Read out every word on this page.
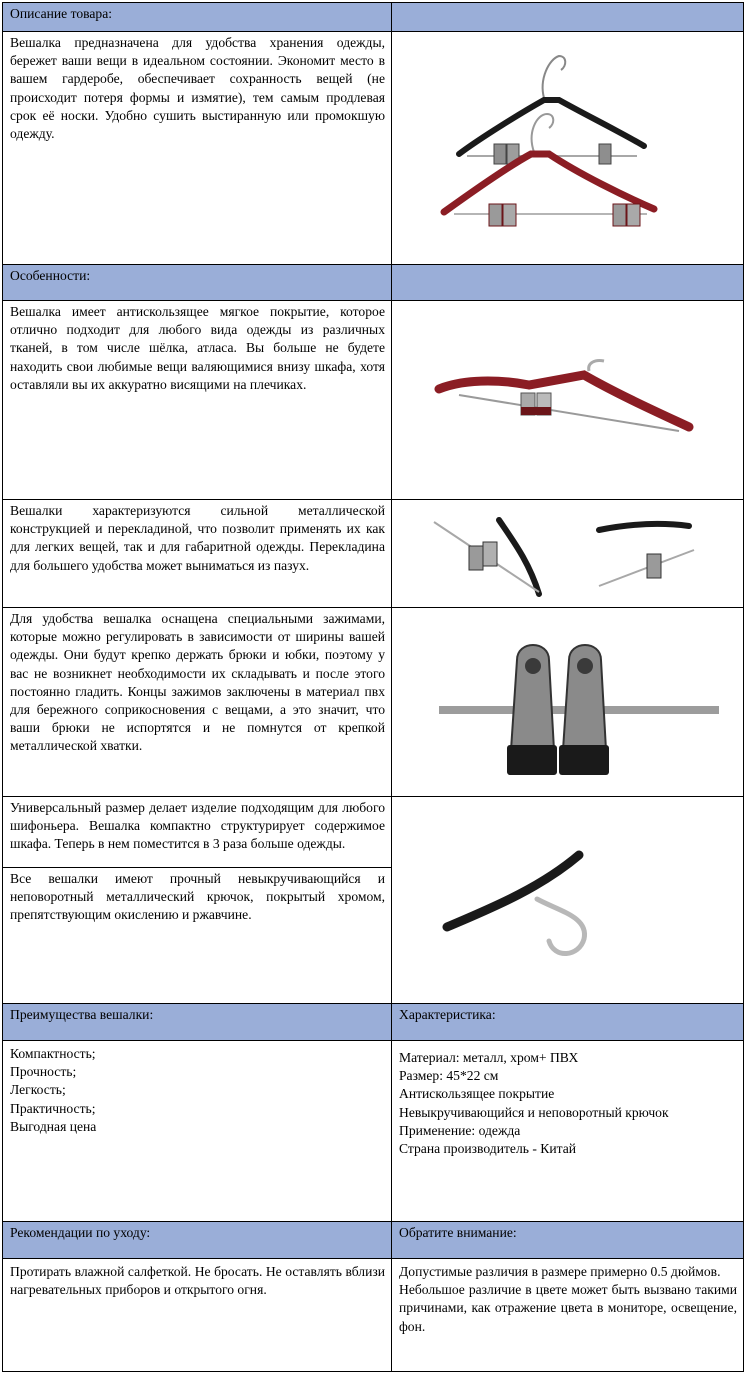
Описание товара:
Вешалка предназначена для удобства хранения одежды, бережет ваши вещи в идеальном состоянии. Экономит место в вашем гардеробе, обеспечивает сохранность вещей (не происходит потеря формы и измятие), тем самым продлевая срок её носки. Удобно сушить выстиранную или промокшую одежду.
Особенности:
Вешалка имеет антискользящее мягкое покрытие, которое отлично подходит для любого вида одежды из различных тканей, в том числе шёлка, атласа. Вы больше не будете находить свои любимые вещи валяющимися внизу шкафа, хотя оставляли вы их аккуратно висящими на плечиках.
Вешалки характеризуются сильной металлической конструкцией и перекладиной, что позволит применять их как для легких вещей, так и для габаритной одежды. Перекладина для большего удобства может выниматься из пазух.
Для удобства вешалка оснащена специальными зажимами, которые можно регулировать в зависимости от ширины вашей одежды. Они будут крепко держать брюки и юбки, поэтому у вас не возникнет необходимости их складывать и после этого постоянно гладить. Концы зажимов заключены в материал пвх для бережного соприкосновения с вещами, а это значит, что ваши брюки не испортятся и не помнутся от крепкой металлической хватки.
Универсальный размер делает изделие подходящим для любого шифоньера. Вешалка компактно структурирует содержимое шкафа. Теперь в нем поместится в 3 раза больше одежды.
Все вешалки имеют прочный невыкручивающийся и неповоротный металлический крючок, покрытый хромом, препятствующим окислению и ржавчине.
Преимущества вешалки:	Характеристика:
Компактность;
Прочность;
Легкость;
Практичность;
Выгодная цена
Материал: металл, хром+ ПВХ
Размер: 45*22 см
Антискользящее покрытие
Невыкручивающийся и неповоротный крючок
Применение: одежда
Страна производитель - Китай
Рекомендации по уходу:	Обратите внимание:
Протирать влажной салфеткой. Не бросать. Не оставлять вблизи нагревательных приборов и открытого огня.
Допустимые различия в размере примерно 0.5 дюймов.
Небольшое различие в цвете может быть вызвано такими причинами, как отражение цвета в мониторе, освещение, фон.
